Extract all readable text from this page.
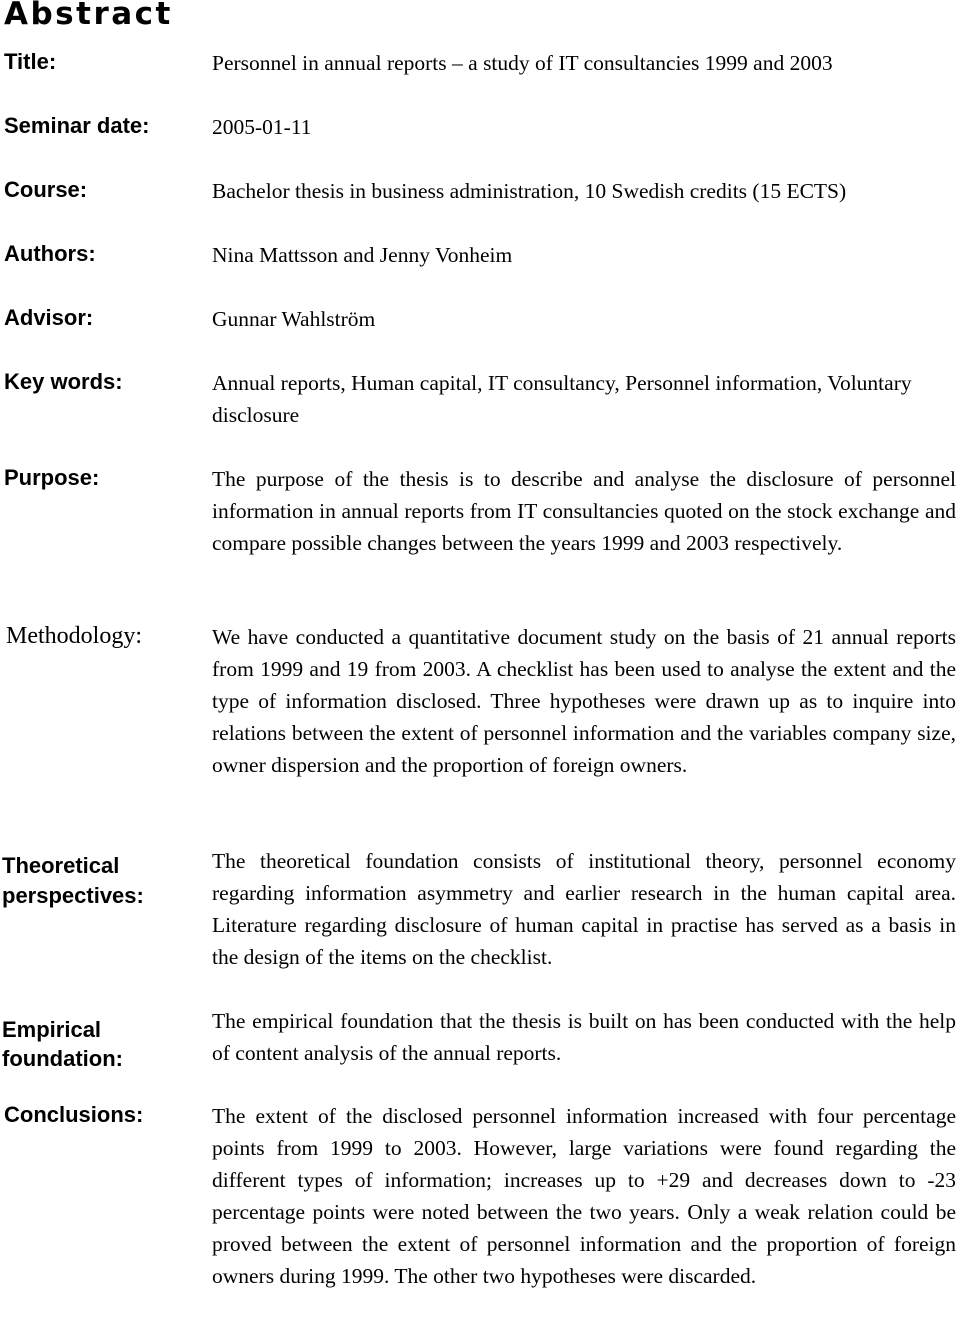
Abstract
Title:	Personnel in annual reports – a study of IT consultancies 1999 and 2003
Seminar date:	2005-01-11
Course:	Bachelor thesis in business administration, 10 Swedish credits (15 ECTS)
Authors:	Nina Mattsson and Jenny Vonheim
Advisor:	Gunnar Wahlström
Key words:	Annual reports, Human capital, IT consultancy, Personnel information, Voluntary disclosure
Purpose:	The purpose of the thesis is to describe and analyse the disclosure of personnel information in annual reports from IT consultancies quoted on the stock exchange and compare possible changes between the years 1999 and 2003 respectively.
Methodology:	We have conducted a quantitative document study on the basis of 21 annual reports from 1999 and 19 from 2003. A checklist has been used to analyse the extent and the type of information disclosed. Three hypotheses were drawn up as to inquire into relations between the extent of personnel information and the variables company size, owner dispersion and the proportion of foreign owners.
Theoretical
perspectives:
The theoretical foundation consists of institutional theory, personnel economy regarding information asymmetry and earlier research in the human capital area. Literature regarding disclosure of human capital in practise has served as a basis in the design of the items on the checklist.
Empirical
foundation:
The empirical foundation that the thesis is built on has been conducted with the help of content analysis of the annual reports.
Conclusions:	The extent of the disclosed personnel information increased with four percentage points from 1999 to 2003. However, large variations were found regarding the different types of information; increases up to +29 and decreases down to -23 percentage points were noted between the two years. Only a weak relation could be proved between the extent of personnel information and the proportion of foreign owners during 1999. The other two hypotheses were discarded.
